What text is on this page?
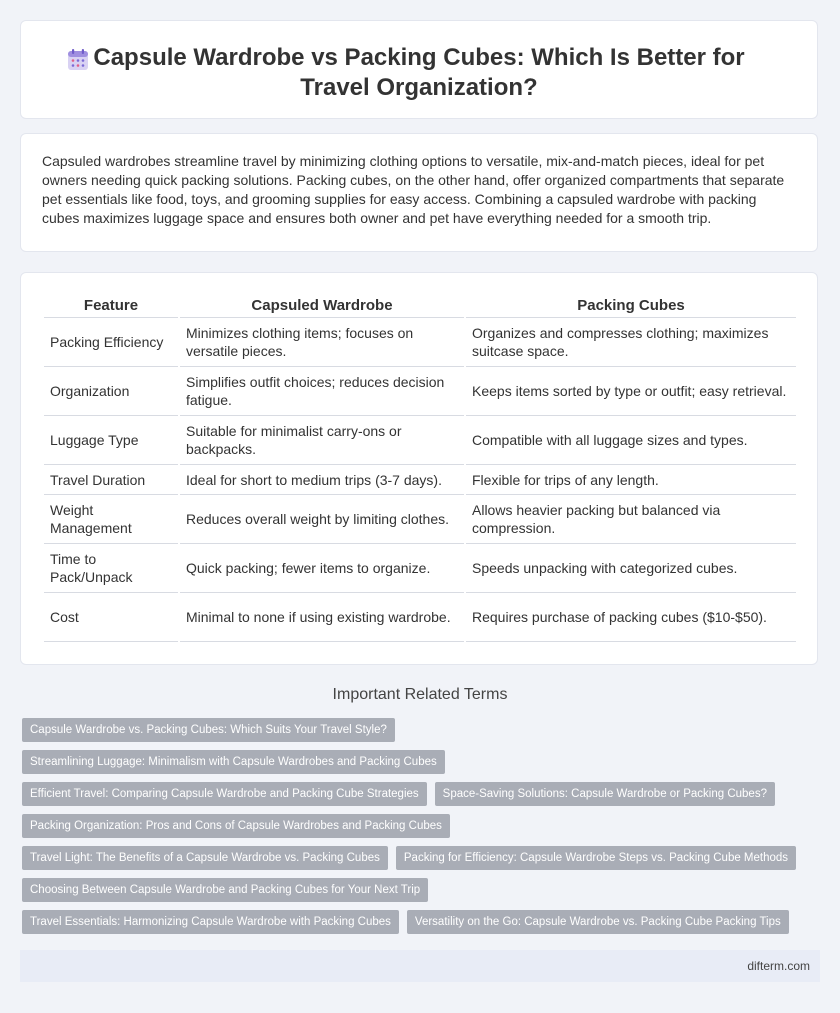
Capsule Wardrobe vs Packing Cubes: Which Is Better for Travel Organization?

Capsuled wardrobes streamline travel by minimizing clothing options to versatile, mix-and-match pieces, ideal for pet owners needing quick packing solutions. Packing cubes, on the other hand, offer organized compartments that separate pet essentials like food, toys, and grooming supplies for easy access. Combining a capsuled wardrobe with packing cubes maximizes luggage space and ensures both owner and pet have everything needed for a smooth trip.

Feature	Capsuled Wardrobe	Packing Cubes
Packing Efficiency	Minimizes clothing items; focuses on versatile pieces.	Organizes and compresses clothing; maximizes suitcase space.
Organization	Simplifies outfit choices; reduces decision fatigue.	Keeps items sorted by type or outfit; easy retrieval.
Luggage Type	Suitable for minimalist carry-ons or backpacks.	Compatible with all luggage sizes and types.
Travel Duration	Ideal for short to medium trips (3-7 days).	Flexible for trips of any length.
Weight Management	Reduces overall weight by limiting clothes.	Allows heavier packing but balanced via compression.
Time to Pack/Unpack	Quick packing; fewer items to organize.	Speeds unpacking with categorized cubes.
Cost	Minimal to none if using existing wardrobe.	Requires purchase of packing cubes ($10-$50).
Important Related Terms
Capsule Wardrobe vs. Packing Cubes: Which Suits Your Travel Style?
Streamlining Luggage: Minimalism with Capsule Wardrobes and Packing Cubes
Efficient Travel: Comparing Capsule Wardrobe and Packing Cube Strategies	Space-Saving Solutions: Capsule Wardrobe or Packing Cubes?
Packing Organization: Pros and Cons of Capsule Wardrobes and Packing Cubes
Travel Light: The Benefits of a Capsule Wardrobe vs. Packing Cubes	Packing for Efficiency: Capsule Wardrobe Steps vs. Packing Cube Methods
Choosing Between Capsule Wardrobe and Packing Cubes for Your Next Trip
Travel Essentials: Harmonizing Capsule Wardrobe with Packing Cubes	Versatility on the Go: Capsule Wardrobe vs. Packing Cube Packing Tips
difterm.com
